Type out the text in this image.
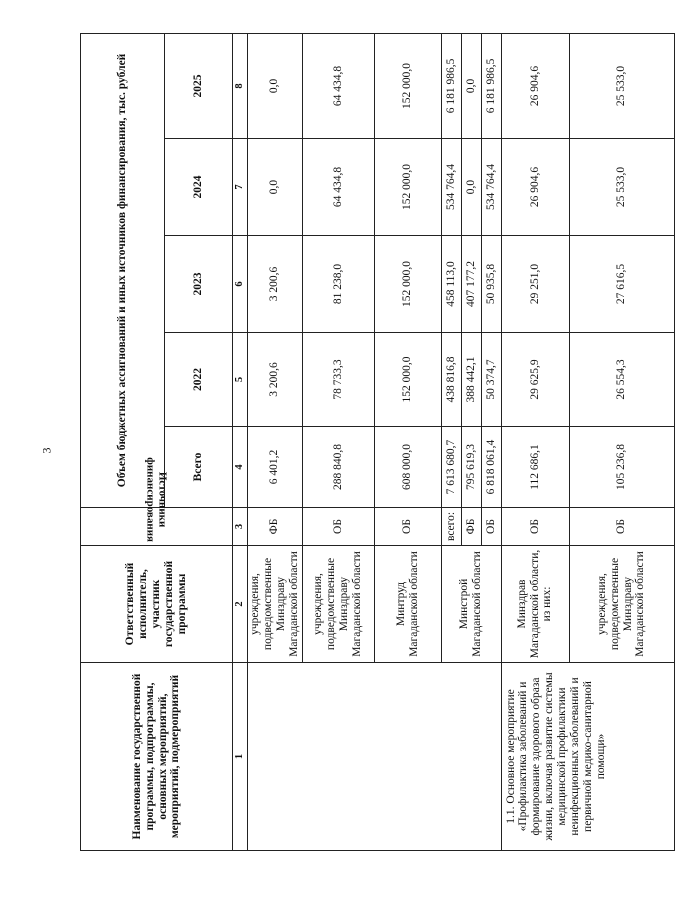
3
Наименование государственной программы, подпрограммы, основных мероприятий, мероприятий, подмероприятий	Ответственный исполнитель, участник государственной программы	Источники финансирования	Объем бюджетных ассигнований и иных источников финансирования, тыс. рублей				
			Всего	2022	2023	2024	2025
1	2	3	4	5	6	7	8
	учреждения, подведомственные Минздраву Магаданской области	ФБ	6 401,2	3 200,6	3 200,6	0,0	0,0
	учреждения, подведомственные Минздраву Магаданской области	ОБ	288 840,8	78 733,3	81 238,0	64 434,8	64 434,8
	Минтруд Магаданской области	ОБ	608 000,0	152 000,0	152 000,0	152 000,0	152 000,0
	Минстрой Магаданской области	всего:	7 613 680,7	438 816,8	458 113,0	534 764,4	6 181 986,5
		ФБ	795 619,3	388 442,1	407 177,2	0,0	0,0
		ОБ	6 818 061,4	50 374,7	50 935,8	534 764,4	6 181 986,5
1.1. Основное мероприятие «Профилактика заболеваний и формирование здорового образа жизни, включая развитие системы медицинской профилактики неинфекционных заболеваний и первичной медико-санитарной помощи»	Минздрав Магаданской области, из них:	ОБ	112 686,1	29 625,9	29 251,0	26 904,6	26 904,6
	учреждения, подведомственные Минздраву Магаданской области	ОБ	105 236,8	26 554,3	27 616,5	25 533,0	25 533,0
